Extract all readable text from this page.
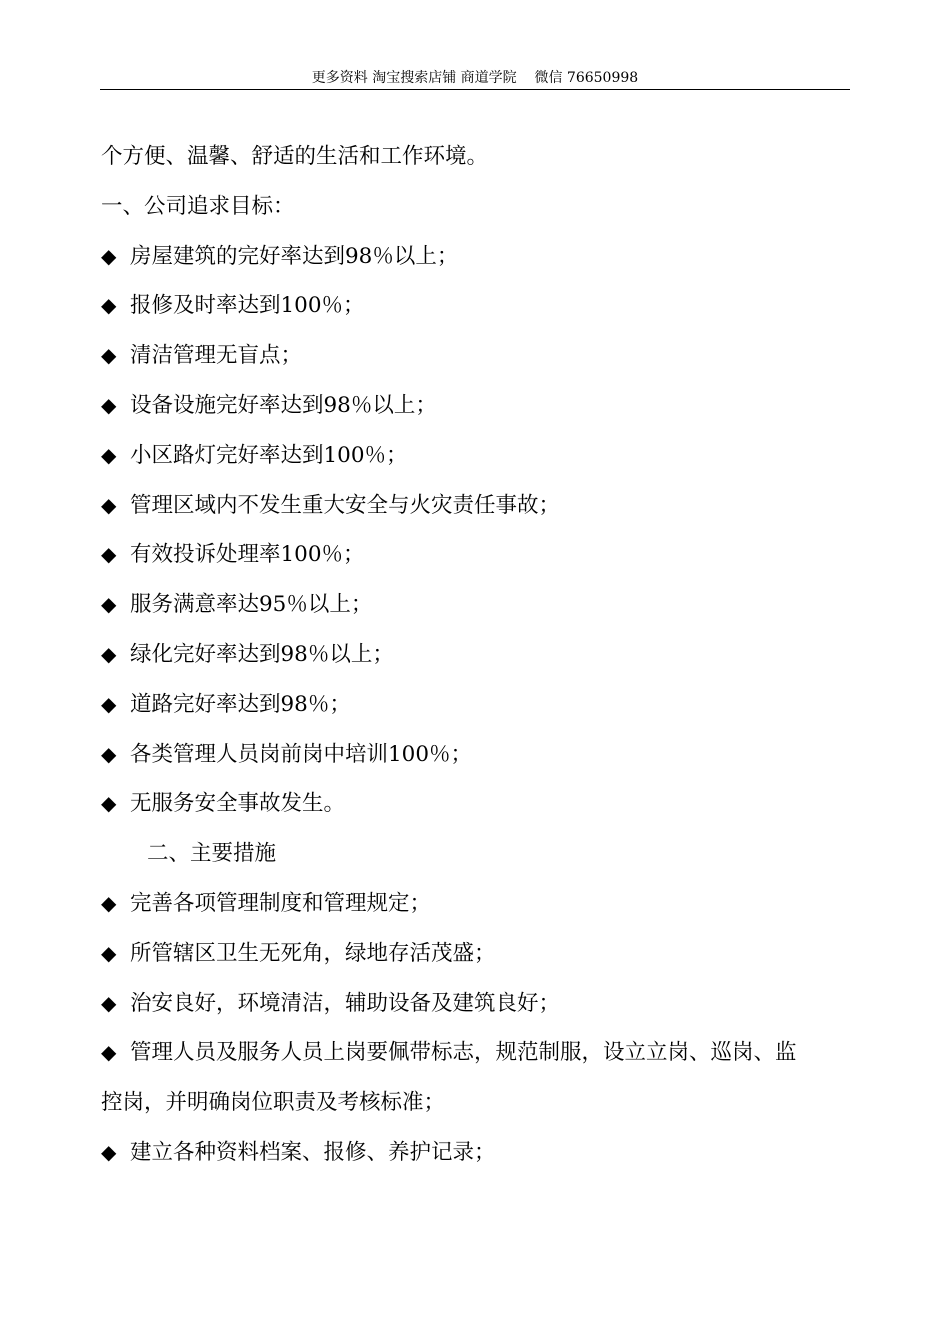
更多资料 淘宝搜索店铺 商道学院    微信 76650998
个方便、温馨、舒适的生活和工作环境。
一、公司追求目标：
◆ 房屋建筑的完好率达到98％以上；
◆ 报修及时率达到100％；
◆ 清洁管理无盲点；
◆ 设备设施完好率达到98％以上；
◆ 小区路灯完好率达到100％；
◆ 管理区域内不发生重大安全与火灾责任事故；
◆ 有效投诉处理率100％；
◆ 服务满意率达95％以上；
◆ 绿化完好率达到98％以上；
◆ 道路完好率达到98％；
◆ 各类管理人员岗前岗中培训100％；
◆ 无服务安全事故发生。
二、主要措施
◆ 完善各项管理制度和管理规定；
◆ 所管辖区卫生无死角，绿地存活茂盛；
◆ 治安良好，环境清洁，辅助设备及建筑良好；
◆ 管理人员及服务人员上岗要佩带标志，规范制服，设立立岗、巡岗、监
控岗，并明确岗位职责及考核标准；
◆ 建立各种资料档案、报修、养护记录；
